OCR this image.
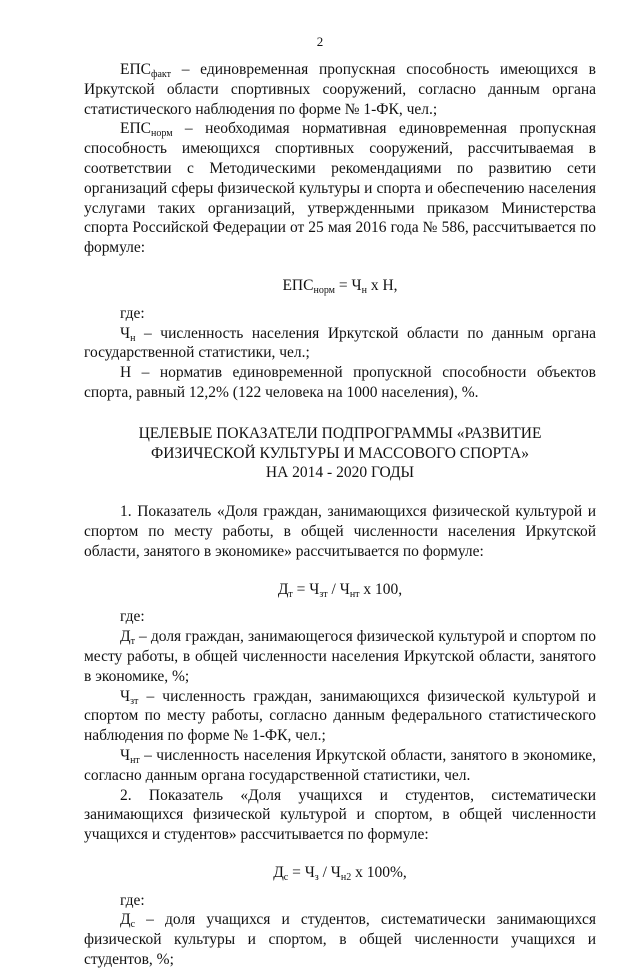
2

$ЕПС_{факт}$ – единовременная пропускная способность имеющихся в Иркутской области спортивных сооружений, согласно данным органа статистического наблюдения по форме № 1-ФК, чел.;

$ЕПС_{норм}$ – необходимая нормативная единовременная пропускная способность имеющихся спортивных сооружений, рассчитываемая в соответствии с Методическими рекомендациями по развитию сети организаций сферы физической культуры и спорта и обеспечению населения услугами таких организаций, утвержденными приказом Министерства спорта Российской Федерации от 25 мая 2016 года № 586, рассчитывается по формуле:

$ЕПС_{норм} = Ч_н$ х Н,

где:

$Ч_н$ – численность населения Иркутской области по данным органа государственной статистики, чел.;

Н – норматив единовременной пропускной способности объектов спорта, равный 12,2% (122 человека на 1000 населения), %.

ЦЕЛЕВЫЕ ПОКАЗАТЕЛИ ПОДПРОГРАММЫ «РАЗВИТИЕ
ФИЗИЧЕСКОЙ КУЛЬТУРЫ И МАССОВОГО СПОРТА»
НА 2014 - 2020 ГОДЫ

1. Показатель «Доля граждан, занимающихся физической культурой и спортом по месту работы, в общей численности населения Иркутской области, занятого в экономике» рассчитывается по формуле:

$Д_т = Ч_{зт} / Ч_{нт}$ х 100,

где:

$Д_т$ – доля граждан, занимающегося физической культурой и спортом по месту работы, в общей численности населения Иркутской области, занятого в экономике, %;

$Ч_{зт}$ – численность граждан, занимающихся физической культурой и спортом по месту работы, согласно данным федерального статистического наблюдения по форме № 1-ФК, чел.;

$Ч_{нт}$ – численность населения Иркутской области, занятого в экономике, согласно данным органа государственной статистики, чел.

2. Показатель «Доля учащихся и студентов, систематически занимающихся физической культурой и спортом, в общей численности учащихся и студентов» рассчитывается по формуле:

$Д_с = Ч_з / Ч_{н2}$ х 100%,

где:

$Д_с$ – доля учащихся и студентов, систематически занимающихся физической культуры и спортом, в общей численности учащихся и студентов, %;
